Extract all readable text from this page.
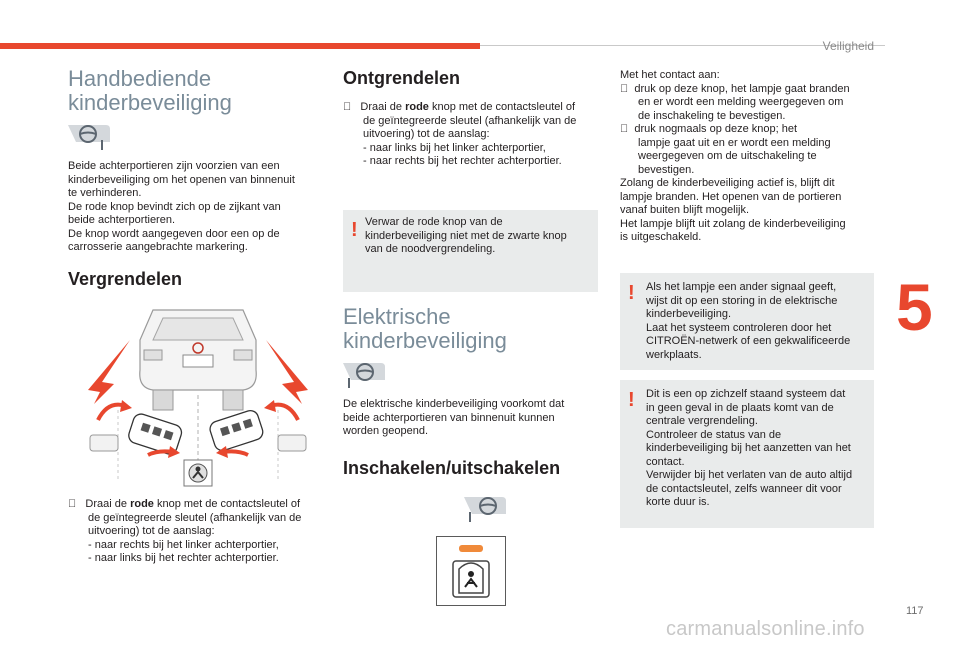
Veiligheid
5
117
carmanualsonline.info
Handbediende
kinderbeveiliging

Beide achterportieren zijn voorzien van een

kinderbeveiliging om het openen van binnenuit

te verhinderen.

De rode knop bevindt zich op de zijkant van

beide achterportieren.

De knop wordt aangegeven door een op de

carrosserie aangebrachte markering.

Vergrendelen

Draai de rode knop met de contactsleutel of

de geïntegreerde sleutel (afhankelijk van de

uitvoering) tot de aanslag:

- naar rechts bij het linker achterportier,

- naar links bij het rechter achterportier.

Ontgrendelen

Draai de rode knop met de contactsleutel of

de geïntegreerde sleutel (afhankelijk van de

uitvoering) tot de aanslag:

- naar links bij het linker achterportier,

- naar rechts bij het rechter achterportier.

! Verwar de rode knop van de

kinderbeveiliging niet met de zwarte knop

van de noodvergrendeling.

Elektrische
kinderbeveiliging

De elektrische kinderbeveiliging voorkomt dat

beide achterportieren van binnenuit kunnen

worden geopend.

Inschakelen/uitschakelen

Met het contact aan:

druk op deze knop, het lampje gaat branden

en er wordt een melding weergegeven om

de inschakeling te bevestigen.

druk nogmaals op deze knop; het

lampje gaat uit en er wordt een melding

weergegeven om de uitschakeling te

bevestigen.

Zolang de kinderbeveiliging actief is, blijft dit

lampje branden. Het openen van de portieren

vanaf buiten blijft mogelijk.

Het lampje blijft uit zolang de kinderbeveiliging

is uitgeschakeld.

! Als het lampje een ander signaal geeft,

wijst dit op een storing in de elektrische

kinderbeveiliging.

Laat het systeem controleren door het

CITROËN-netwerk of een gekwalificeerde

werkplaats.

! Dit is een op zichzelf staand systeem dat

in geen geval in de plaats komt van de

centrale vergrendeling.

Controleer de status van de

kinderbeveiliging bij het aanzetten van het

contact.

Verwijder bij het verlaten van de auto altijd

de contactsleutel, zelfs wanneer dit voor

korte duur is.
